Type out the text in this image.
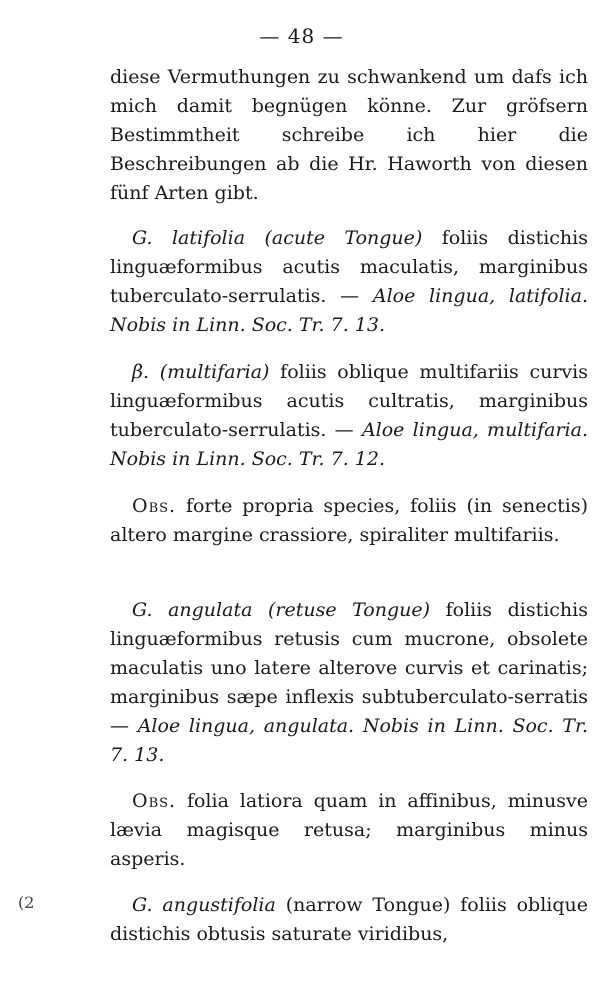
— 48 —
(2

diese Vermuthungen zu schwankend um dafs ich mich damit begnügen könne. Zur gröfsern Bestimmtheit schreibe ich hier die Beschreibungen ab die Hr. Haworth von diesen fünf Arten gibt.

G. latifolia (acute Tongue) foliis distichis linguæformibus acutis maculatis, marginibus tuberculato-serrulatis. — Aloe lingua, latifolia. Nobis in Linn. Soc. Tr. 7. 13.

β. (multifaria) foliis oblique multifariis curvis linguæformibus acutis cultratis, marginibus tuberculato-serrulatis. — Aloe lingua, multifaria. Nobis in Linn. Soc. Tr. 7. 12.

Obs. forte propria species, foliis (in senectis) altero margine crassiore, spiraliter multifariis.

G. angulata (retuse Tongue) foliis distichis linguæformibus retusis cum mucrone, obsolete maculatis uno latere alterove curvis et carinatis; marginibus sæpe inflexis subtuberculato-serratis — Aloe lingua, angulata. Nobis in Linn. Soc. Tr. 7. 13.

Obs. folia latiora quam in affinibus, minusve lævia magisque retusa; marginibus minus asperis.

G. angustifolia (narrow Tongue) foliis oblique distichis obtusis saturate viridibus,
